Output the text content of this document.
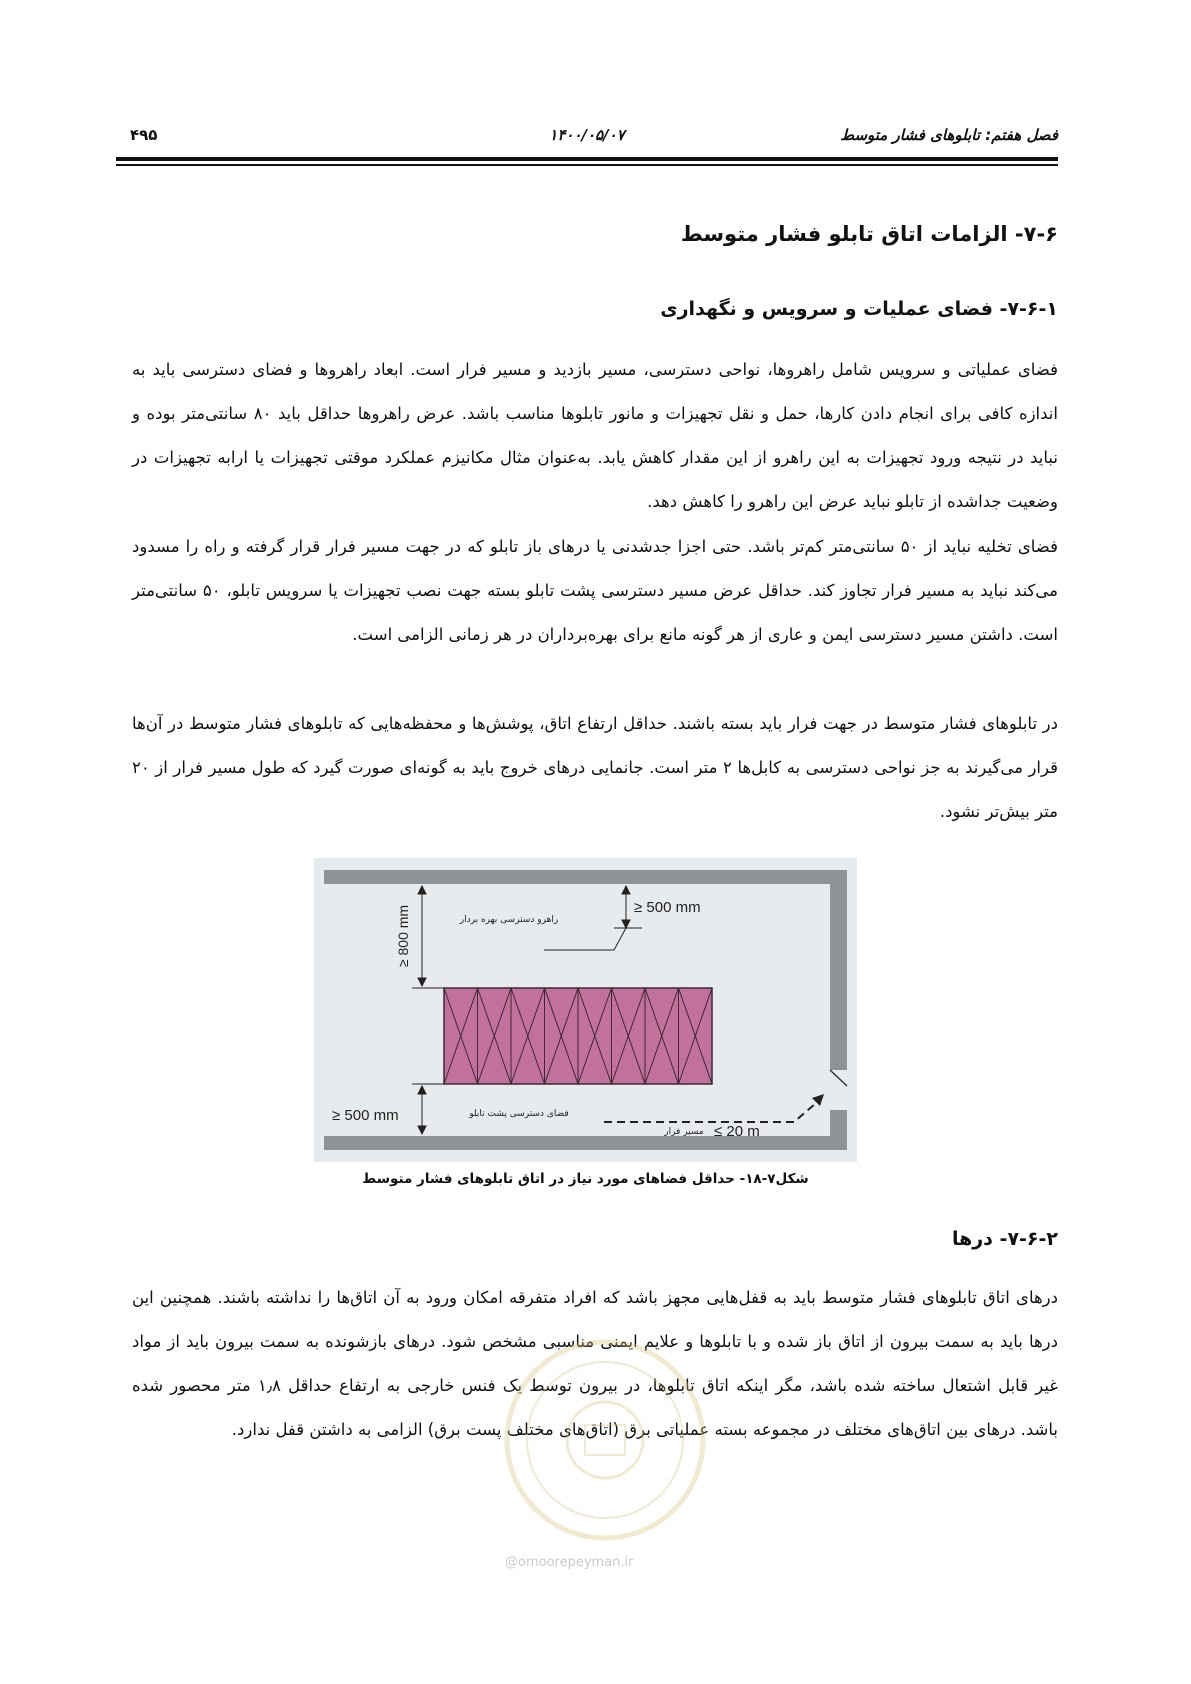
فصل هفتم: تابلوهای فشار متوسط
۱۴۰۰/۰۵/۰۷
۴۹۵
۷-۶- الزامات اتاق تابلو فشار متوسط
۷-۶-۱- فضای عملیات و سرویس و نگهداری
فضای عملیاتی و سرویس شامل راهروها، نواحی دسترسی، مسیر بازدید و مسیر فرار است. ابعاد راهروها و فضای دسترسی باید به اندازه کافی برای انجام دادن کارها، حمل و نقل تجهیزات و مانور تابلوها مناسب باشد. عرض راهروها حداقل باید ۸۰ سانتی‌متر بوده و نباید در نتیجه ورود تجهیزات به این راهرو از این مقدار کاهش یابد. به‌عنوان مثال مکانیزم عملکرد موقتی تجهیزات یا ارابه تجهیزات در وضعیت جداشده از تابلو نباید عرض این راهرو را کاهش دهد.
فضای تخلیه نباید از ۵۰ سانتی‌متر کم‌تر باشد. حتی اجزا جدشدنی یا درهای باز تابلو که در جهت مسیر فرار قرار گرفته و راه را مسدود می‌کند نباید به مسیر فرار تجاوز کند. حداقل عرض مسیر دسترسی پشت تابلو بسته جهت نصب تجهیزات یا سرویس تابلو، ۵۰ سانتی‌متر است. داشتن مسیر دسترسی ایمن و عاری از هر گونه مانع برای بهره‌برداران در هر زمانی الزامی است.
در تابلوهای فشار متوسط در جهت فرار باید بسته باشند. حداقل ارتفاع اتاق، پوشش‌ها و محفظه‌هایی که تابلوهای فشار متوسط در آن‌ها قرار می‌گیرند به جز نواحی دسترسی به کابل‌ها ۲ متر است. جانمایی درهای خروج باید به گونه‌ای صورت گیرد که طول مسیر فرار از ۲۰ متر بیش‌تر نشود.
≥ 500 mm
≥ 800 mm	راهرو دسترسی بهره بردار
≥ 500 mm	فضای دسترسی پشت تابلو
مسیر فرار ≤ 20 m
شکل۷-۱۸- حداقل فضاهای مورد نیاز در اتاق تابلوهای فشار متوسط
۷-۶-۲- درها
درهای اتاق تابلوهای فشار متوسط باید به قفل‌هایی مجهز باشد که افراد متفرقه امکان ورود به آن اتاق‌ها را نداشته باشند. همچنین این درها باید به سمت بیرون از اتاق باز شده و با تابلوها و علایم ایمنی مناسبی مشخص شود. درهای بازشونده به سمت بیرون باید از مواد غیر قابل اشتعال ساخته شده باشد، مگر اینکه اتاق تابلوها، در بیرون توسط یک فنس خارجی به ارتفاع حداقل ۱٫۸ متر محصور شده باشد. درهای بین اتاق‌های مختلف در مجموعه بسته عملیاتی برق (اتاق‌های مختلف پست برق) الزامی به داشتن قفل ندارد.
@omoorepeyman.ir
